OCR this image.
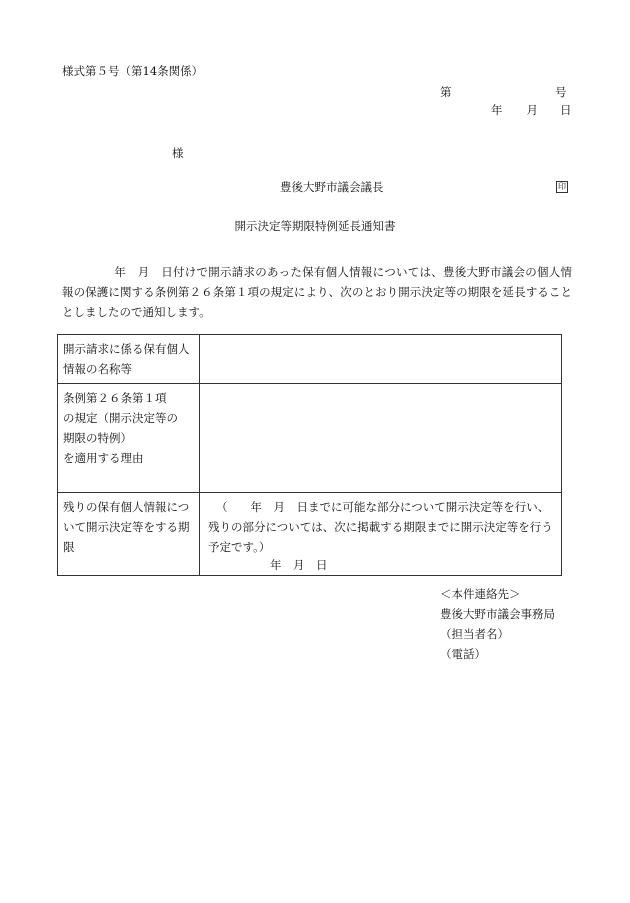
様式第５号（第14条関係）
第	号
年 月 日
様
豊後大野市議会議長	印
開示決定等期限特例延長通知書
年　月　日付けで開示請求のあった保有個人情報については、豊後大野市議会の個人情報の保護に関する条例第２６条第１項の規定により、次のとおり開示決定等の期限を延長することとしましたので通知します。
開示請求に係る保有個人情報の名称等	

条例第２６条第１項
の規定（開示決定等の
期限の特例）
を適用する理由	

残りの保有個人情報について開示決定等をする期限	（　　年　月　日までに可能な部分について開示決定等を行い、残りの部分については、次に掲載する期限までに開示決定等を行う予定です。）
年　月　日
＜本件連絡先＞
豊後大野市議会事務局
（担当者名）
（電話）
